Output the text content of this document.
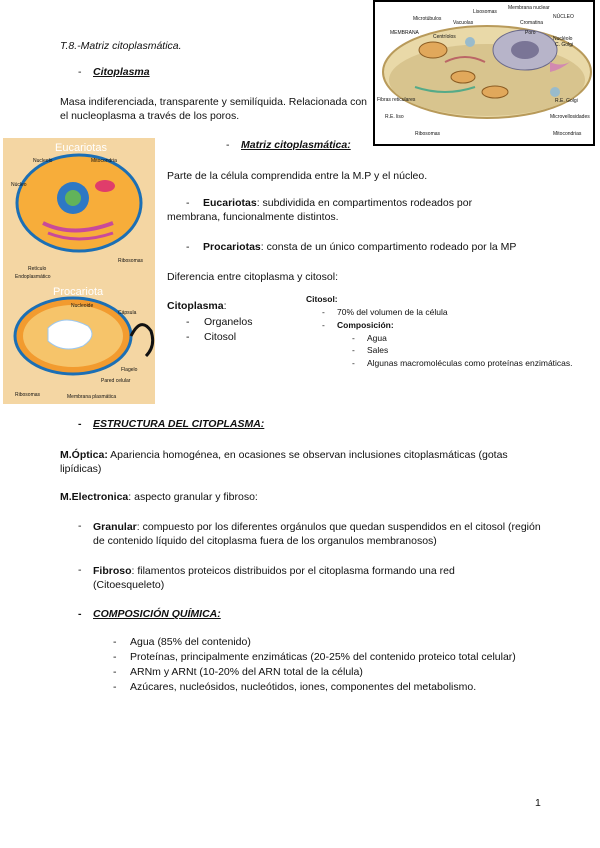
T.8.-Matriz citoplasmática.
Membrana nuclear
Lisosomas
NÚCLEO
Microtúbulos
Vacuolas	Cromatina
MEMBRANA
Centríolos
Poro
Nucléolo
C. Golgi
Fibras reticulares	R.E. Golgi
R.E. liso	Microvellosidades
Ribosomas	Mitocondrias
- Citoplasma
Masa indiferenciada, transparente y semilíquida. Relacionada con el nucleoplasma a través de los poros.
Eucariotas
Nucleolo	Mitocondria
Núcleo
Ribosomas
Retículo
Endoplasmático
Procariota
Nucleoide
Cápsula
Flagelo
Pared celular
Ribosomas	Membrana plasmática
- Matriz citoplasmática:
Parte de la célula comprendida entre la M.P y el núcleo.
-	Eucariotas: subdividida en compartimentos rodeados por membrana, funcionalmente distintos.
- Procariotas: consta de un único compartimento rodeado por la MP
Diferencia entre citoplasma y citosol:
Citoplasma:
- Organelos
- Citosol
Citosol:
- 70% del volumen de la célula
- Composición:
- Agua
- Sales
- Algunas macromoléculas como proteínas enzimáticas.
- ESTRUCTURA DEL CITOPLASMA:
M.Óptica: Apariencia homogénea, en ocasiones se observan inclusiones citoplasmáticas (gotas lipídicas)
M.Electronica: aspecto granular y fibroso:
- Granular: compuesto por los diferentes orgánulos que quedan suspendidos en el citosol (región de contenido líquido del citoplasma fuera de los organulos membranosos)
- Fibroso: filamentos proteicos distribuidos por el citoplasma formando una red (Citoesqueleto)
- COMPOSICIÓN QUÍMICA:
- Agua (85% del contenido)
- Proteínas, principalmente enzimáticas (20-25% del contenido proteico total celular)
- ARNm y ARNt (10-20% del ARN total de la célula)
- Azúcares, nucleósidos, nucleótidos, iones, componentes del metabolismo.
1
